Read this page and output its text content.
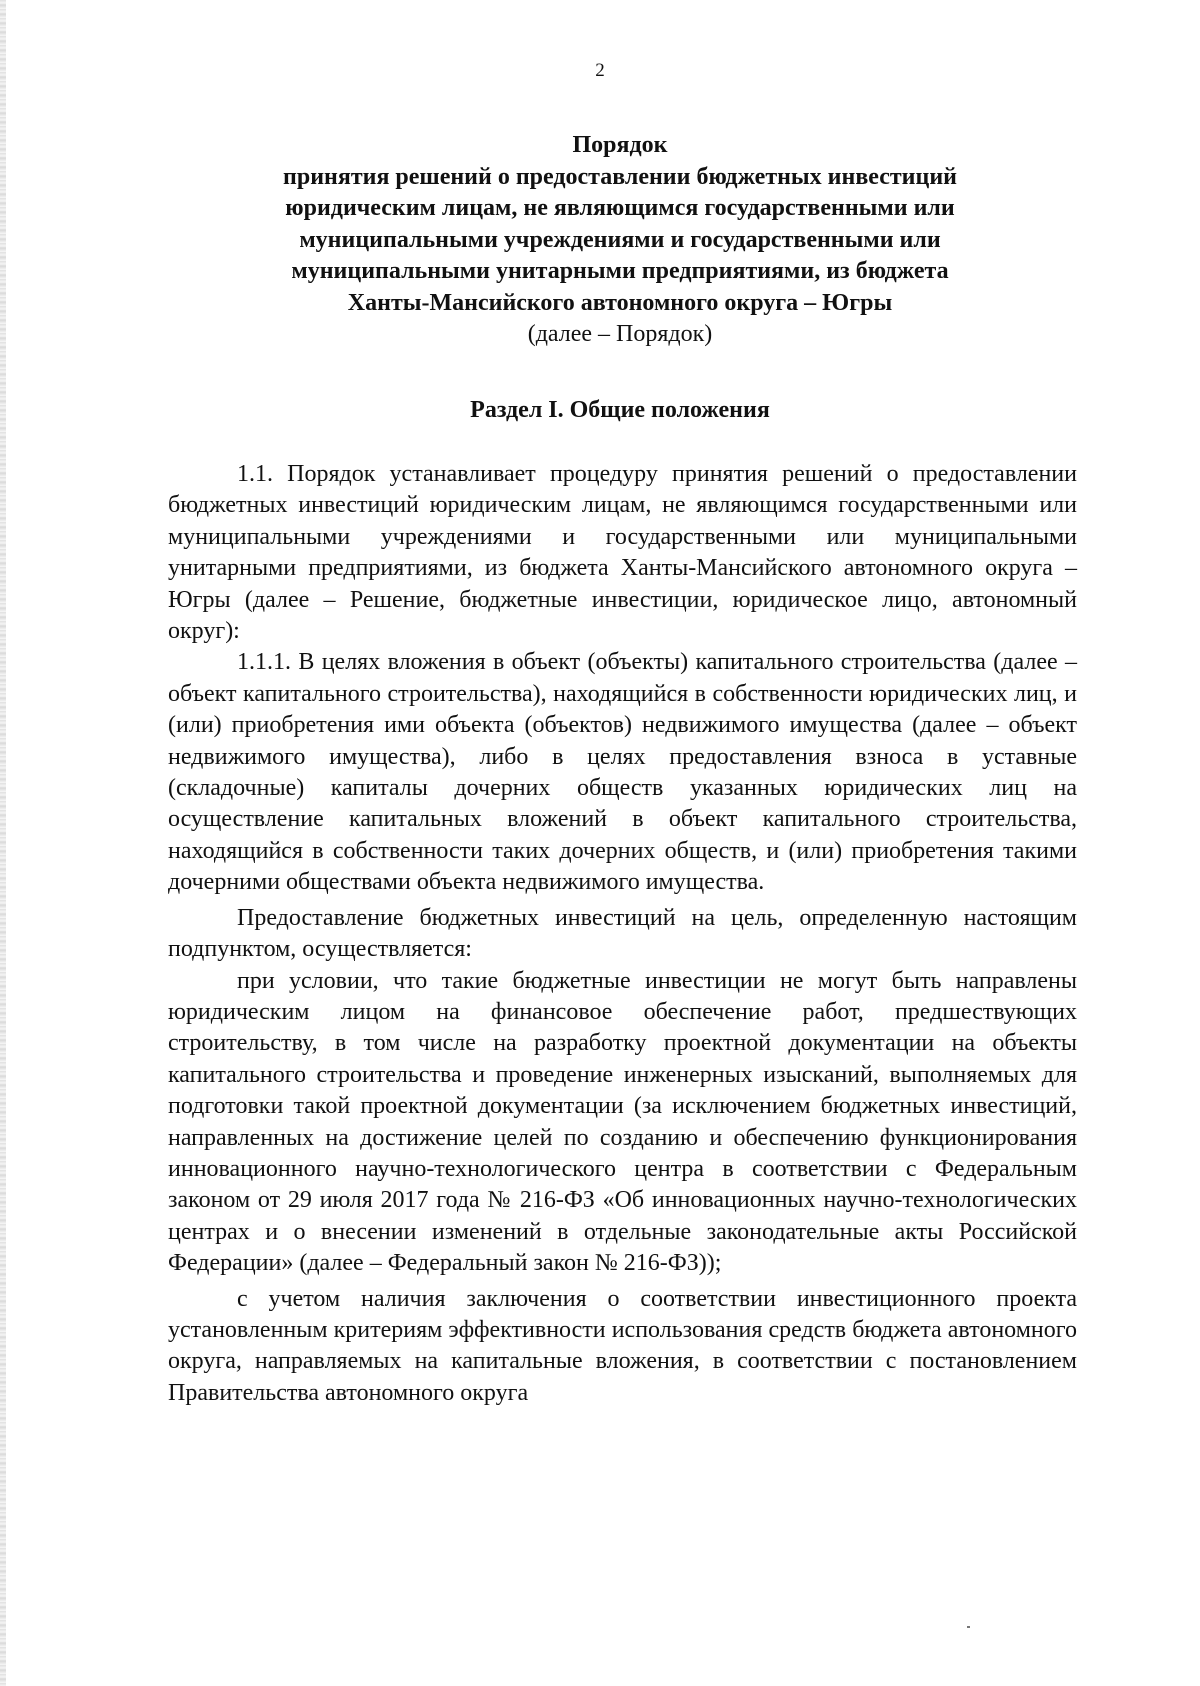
2
Порядок
принятия решений о предоставлении бюджетных инвестиций
юридическим лицам, не являющимся государственными или
муниципальными учреждениями и государственными или
муниципальными унитарными предприятиями, из бюджета
Ханты-Мансийского автономного округа – Югры
(далее – Порядок)
Раздел I. Общие положения

1.1. Порядок устанавливает процедуру принятия решений о предоставлении бюджетных инвестиций юридическим лицам, не являющимся государственными или муниципальными учреждениями и государственными или муниципальными унитарными предприятиями, из бюджета Ханты-Мансийского автономного округа – Югры (далее – Решение, бюджетные инвестиции, юридическое лицо, автономный округ):

1.1.1. В целях вложения в объект (объекты) капитального строительства (далее – объект капитального строительства), находящийся в собственности юридических лиц, и (или) приобретения ими объекта (объектов) недвижимого имущества (далее – объект недвижимого имущества), либо в целях предоставления взноса в уставные (складочные) капиталы дочерних обществ указанных юридических лиц на осуществление капитальных вложений в объект капитального строительства, находящийся в собственности таких дочерних обществ, и (или) приобретения такими дочерними обществами объекта недвижимого имущества.

Предоставление бюджетных инвестиций на цель, определенную настоящим подпунктом, осуществляется:

при условии, что такие бюджетные инвестиции не могут быть направлены юридическим лицом на финансовое обеспечение работ, предшествующих строительству, в том числе на разработку проектной документации на объекты капитального строительства и проведение инженерных изысканий, выполняемых для подготовки такой проектной документации (за исключением бюджетных инвестиций, направленных на достижение целей по созданию и обеспечению функционирования инновационного научно-технологического центра в соответствии с Федеральным законом от 29 июля 2017 года № 216-ФЗ «Об инновационных научно-технологических центрах и о внесении изменений в отдельные законодательные акты Российской Федерации» (далее – Федеральный закон № 216-ФЗ));

с учетом наличия заключения о соответствии инвестиционного проекта установленным критериям эффективности использования средств бюджета автономного округа, направляемых на капитальные вложения, в соответствии с постановлением Правительства автономного округа
